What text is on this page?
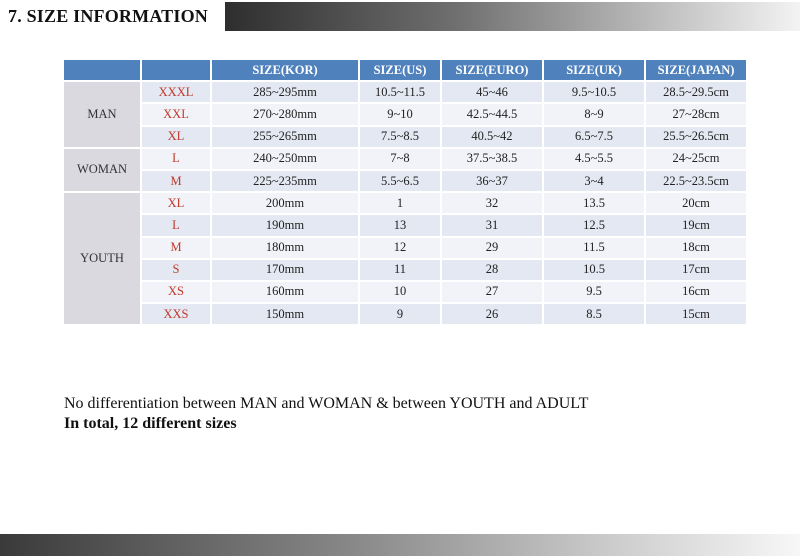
7. SIZE INFORMATION
		SIZE(KOR)	SIZE(US)	SIZE(EURO)	SIZE(UK)	SIZE(JAPAN)
MAN	XXXL	285~295mm	10.5~11.5	45~46	9.5~10.5	28.5~29.5cm
	XXL	270~280mm	9~10	42.5~44.5	8~9	27~28cm
	XL	255~265mm	7.5~8.5	40.5~42	6.5~7.5	25.5~26.5cm
WOMAN	L	240~250mm	7~8	37.5~38.5	4.5~5.5	24~25cm
	M	225~235mm	5.5~6.5	36~37	3~4	22.5~23.5cm
YOUTH	XL	200mm	1	32	13.5	20cm
	L	190mm	13	31	12.5	19cm
	M	180mm	12	29	11.5	18cm
	S	170mm	11	28	10.5	17cm
	XS	160mm	10	27	9.5	16cm
	XXS	150mm	9	26	8.5	15cm
No differentiation between MAN and WOMAN & between YOUTH and ADULT
In total, 12 different sizes
